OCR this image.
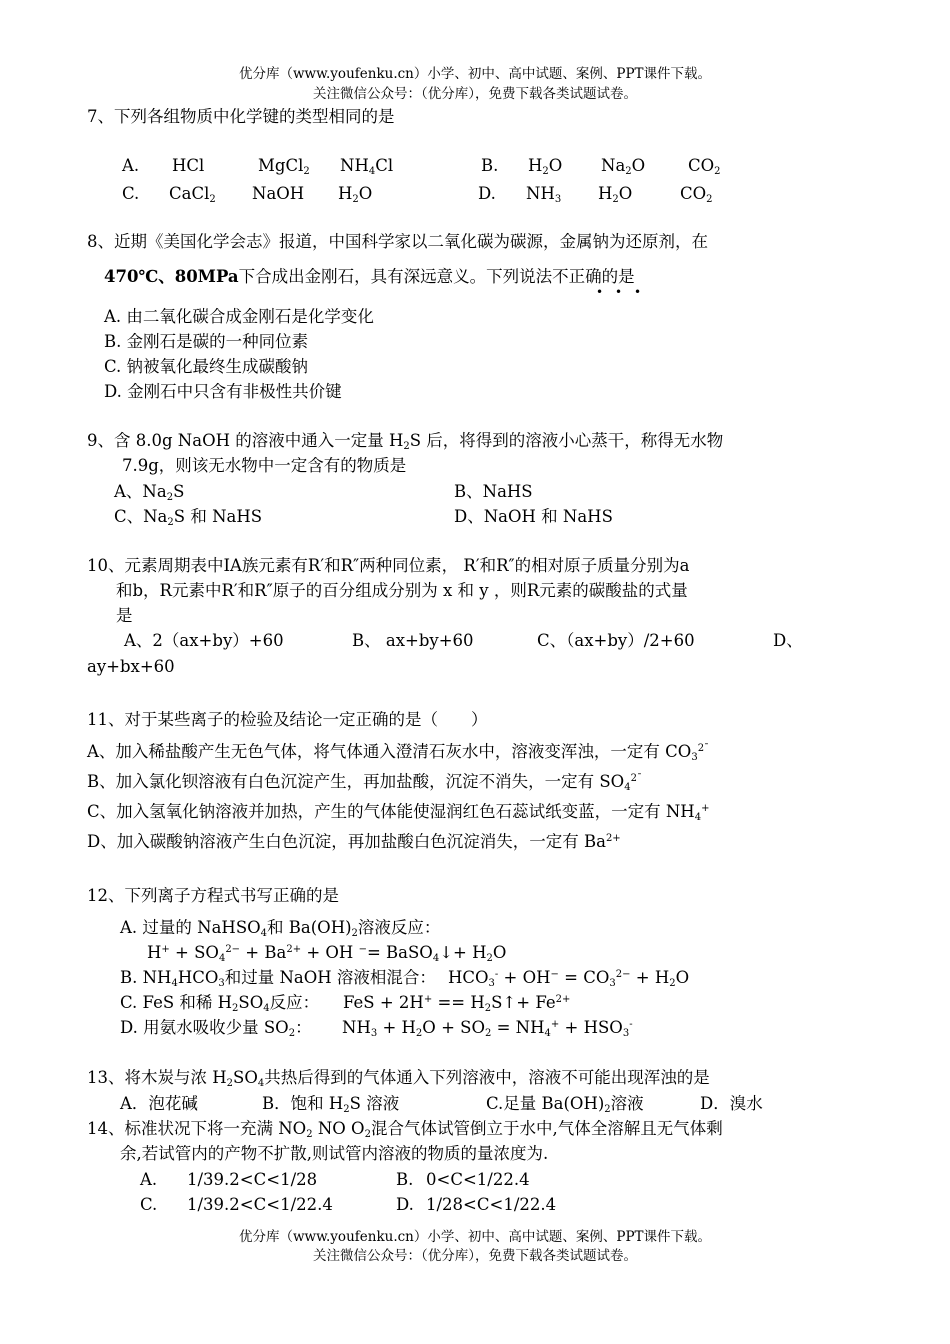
优分库（www.youfenku.cn）小学、初中、高中试题、案例、PPT课件下载。
关注微信公众号：（优分库），免费下载各类试题试卷。
7、下列各组物质中化学键的类型相同的是
A. HCl	MgCl$_2$ $NH_4Cl$	B. $H_2O$ $Na_2O$	$CO_2$
C. CaCl$_2$ NaOH $H_2O$	D. $NH_3$ $H_2O$	$CO_2$
8、近期《美国化学会志》报道，中国科学家以二氧化碳为碳源，金属钠为还原剂，在
470℃、80MPa下合成出金刚石，具有深远意义。下列说法不正确的是
• • •
A. 由二氧化碳合成金刚石是化学变化
B. 金刚石是碳的一种同位素
C. 钠被氧化最终生成碳酸钠
D. 金刚石中只含有非极性共价键
9、含 8.0g NaOH 的溶液中通入一定量 $H_2S$ 后，将得到的溶液小心蒸干，称得无水物
7.9g，则该无水物中一定含有的物质是
A、$Na_2S$	B、NaHS
C、$Na_2S$ 和 NaHS	D、NaOH 和 NaHS
10、元素周期表中ⅠA族元素有R′和R″两种同位素， R′和R″的相对原子质量分别为a
和b，R元素中R′和R″原子的百分组成分别为 x 和 y ，则R元素的碳酸盐的式量
是
A、2（ax+by）+60	B、 ax+by+60	C、（ax+by）/2+60	D、
ay+bx+60
11、对于某些离子的检验及结论一定正确的是（　　）
A、加入稀盐酸产生无色气体，将气体通入澄清石灰水中，溶液变浑浊，一定有 $CO_3^{2¯}$
B、加入氯化钡溶液有白色沉淀产生，再加盐酸，沉淀不消失，一定有 $SO_4^{2¯}$
C、加入氢氧化钠溶液并加热，产生的气体能使湿润红色石蕊试纸变蓝，一定有 $NH_4^+$
D、加入碳酸钠溶液产生白色沉淀，再加盐酸白色沉淀消失，一定有 $Ba^{2+}$
12、下列离子方程式书写正确的是
A. 过量的 NaHSO$_4$和 $Ba(OH)_2$溶液反应：
$H^+ + SO_4^{2-} + Ba^{2+}$ + OH −= BaSO$_4$↓+ $H_2O$
B. $NH_4HCO_3$和过量 NaOH 溶液相混合： $HCO_3^- + OH^- = CO_3^{2-} + H_2O$
C. FeS 和稀 $H_2SO_4$反应： FeS + $2H^+ == H_2S↑+ Fe^{2+}$
D. 用氨水吸收少量 $SO_2$： $NH_3 + H_2O + SO_2 = NH_4^+ + HSO_3^-$
13、将木炭与浓 $H_2SO_4$共热后得到的气体通入下列溶液中，溶液不可能出现浑浊的是
A．泡花碱	B．饱和 $H_2S$ 溶液	C.足量 $Ba(OH)_2$溶液	D．溴水
14、标准状况下将一充满 $NO_2$ NO $O_2$混合气体试管倒立于水中,气体全溶解且无气体剩
余,若试管内的产物不扩散,则试管内溶液的物质的量浓度为.
A. 1/39.2<C<1/28	B. 0<C<1/22.4
C. 1/39.2<C<1/22.4	D. 1/28<C<1/22.4
优分库（www.youfenku.cn）小学、初中、高中试题、案例、PPT课件下载。
关注微信公众号：（优分库），免费下载各类试题试卷。
